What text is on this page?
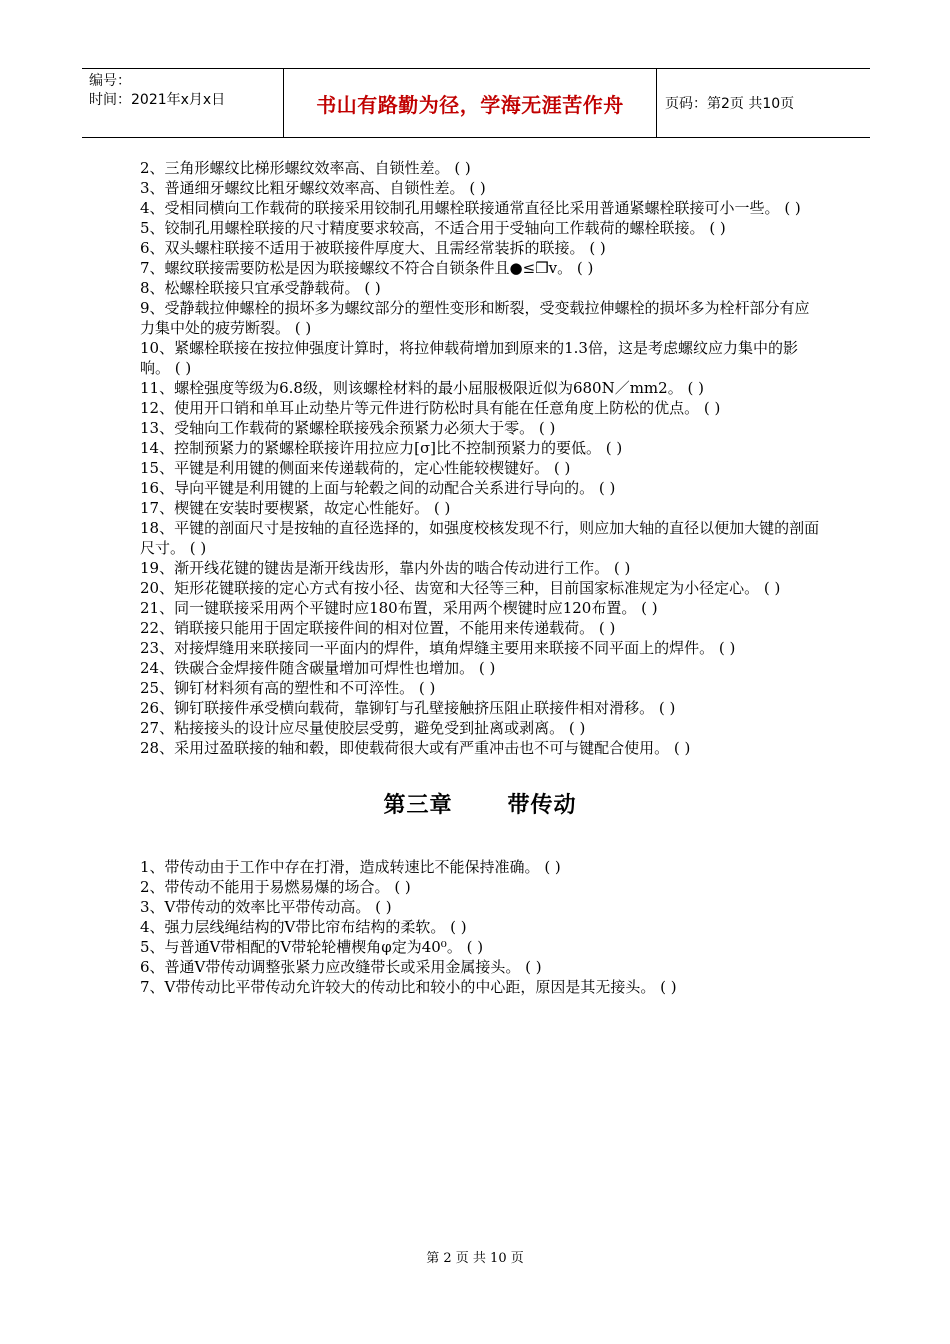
编号：
时间：2021年x月x日	书山有路勤为径，学海无涯苦作舟	页码：第2页 共10页

2、三角形螺纹比梯形螺纹效率高、自锁性差。 ( )

3、普通细牙螺纹比粗牙螺纹效率高、自锁性差。 ( )

4、受相同横向工作载荷的联接采用铰制孔用螺栓联接通常直径比采用普通紧螺栓联接可小一些。 ( )

5、铰制孔用螺栓联接的尺寸精度要求较高，不适合用于受轴向工作载荷的螺栓联接。 ( )

6、双头螺柱联接不适用于被联接件厚度大、且需经常装拆的联接。 ( )

7、螺纹联接需要防松是因为联接螺纹不符合自锁条件且●≤❒v。 ( )

8、松螺栓联接只宜承受静载荷。 ( )

9、受静载拉伸螺栓的损坏多为螺纹部分的塑性变形和断裂，受变载拉伸螺栓的损坏多为栓杆部分有应力集中处的疲劳断裂。 ( )

10、紧螺栓联接在按拉伸强度计算时，将拉伸载荷增加到原来的1.3倍，这是考虑螺纹应力集中的影响。 ( )

11、螺栓强度等级为6.8级，则该螺栓材料的最小屈服极限近似为680N／mm2。 ( )

12、使用开口销和单耳止动垫片等元件进行防松时具有能在任意角度上防松的优点。 ( )

13、受轴向工作载荷的紧螺栓联接残余预紧力必须大于零。 ( )

14、控制预紧力的紧螺栓联接许用拉应力[σ]比不控制预紧力的要低。 ( )

15、平键是利用键的侧面来传递载荷的，定心性能较楔键好。 ( )

16、导向平键是利用键的上面与轮毂之间的动配合关系进行导向的。 ( )

17、楔键在安装时要楔紧，故定心性能好。 ( )

18、平键的剖面尺寸是按轴的直径选择的，如强度校核发现不行，则应加大轴的直径以便加大键的剖面尺寸。 ( )

19、渐开线花键的键齿是渐开线齿形，靠内外齿的啮合传动进行工作。 ( )

20、矩形花键联接的定心方式有按小径、齿宽和大径等三种，目前国家标准规定为小径定心。 ( )

21、同一键联接采用两个平键时应180布置，采用两个楔键时应120布置。 ( )

22、销联接只能用于固定联接件间的相对位置，不能用来传递载荷。 ( )

23、对接焊缝用来联接同一平面内的焊件，填角焊缝主要用来联接不同平面上的焊件。 ( )

24、铁碳合金焊接件随含碳量增加可焊性也增加。 ( )

25、铆钉材料须有高的塑性和不可淬性。 ( )

26、铆钉联接件承受横向载荷，靠铆钉与孔壁接触挤压阻止联接件相对滑移。 ( )

27、粘接接头的设计应尽量使胶层受剪，避免受到扯离或剥离。 ( )

28、采用过盈联接的轴和毂，即使载荷很大或有严重冲击也不可与键配合使用。 ( )

第三章	带传动

1、带传动由于工作中存在打滑，造成转速比不能保持准确。 ( )

2、带传动不能用于易燃易爆的场合。 ( )

3、V带传动的效率比平带传动高。 ( )

4、强力层线绳结构的V带比帘布结构的柔软。 ( )

5、与普通V带相配的V带轮轮槽楔角φ定为40⁰。 ( )

6、普通V带传动调整张紧力应改缝带长或采用金属接头。 ( )

7、V带传动比平带传动允许较大的传动比和较小的中心距，原因是其无接头。 ( )

第 2 页 共 10 页
